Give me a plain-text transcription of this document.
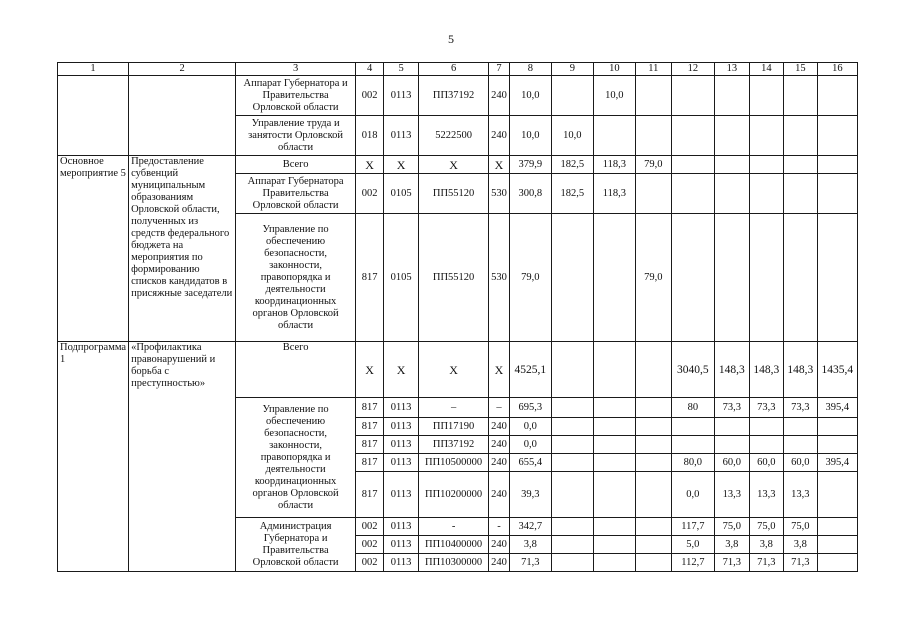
5
1	2	3	4	5	6	7	8	9	10	11	12	13	14	15	16
		Аппарат Губернатора и Правительства Орловской области	002	0113	ПП37192	240	10,0		10,0						
		Управление труда и занятости Орловской области	018	0113	5222500	240	10,0	10,0							
Основное мероприятие 5	Предоставление субвенций муниципальным образованиям Орловской области, полученных из средств федерального бюджета на мероприятия по формированию списков кандидатов в присяжные заседатели	Всего	Х	Х	Х	Х	379,9	182,5	118,3	79,0					
		Аппарат Губернатора Правительства Орловской области	002	0105	ПП55120	530	300,8	182,5	118,3						
		Управление по обеспечению безопасности, законности, правопорядка и деятельности координационных органов Орловской области	817	0105	ПП55120	530	79,0			79,0					
Подпрограмма 1	«Профилактика правонарушений и борьба с преступностью»	Всего	Х	Х	Х	Х	4525,1				3040,5	148,3	148,3	148,3	1435,4
		Управление по обеспечению безопасности, законности, правопорядка и деятельности координационных органов Орловской области	817	0113	–	–	695,3				80	73,3	73,3	73,3	395,4
			817	0113	ПП17190	240	0,0								
			817	0113	ПП37192	240	0,0								
			817	0113	ПП10500000	240	655,4				80,0	60,0	60,0	60,0	395,4
			817	0113	ПП10200000	240	39,3				0,0	13,3	13,3	13,3	
		Администрация Губернатора и Правительства Орловской области	002	0113	-	-	342,7				117,7	75,0	75,0	75,0	
			002	0113	ПП10400000	240	3,8				5,0	3,8	3,8	3,8	
			002	0113	ПП10300000	240	71,3				112,7	71,3	71,3	71,3	
